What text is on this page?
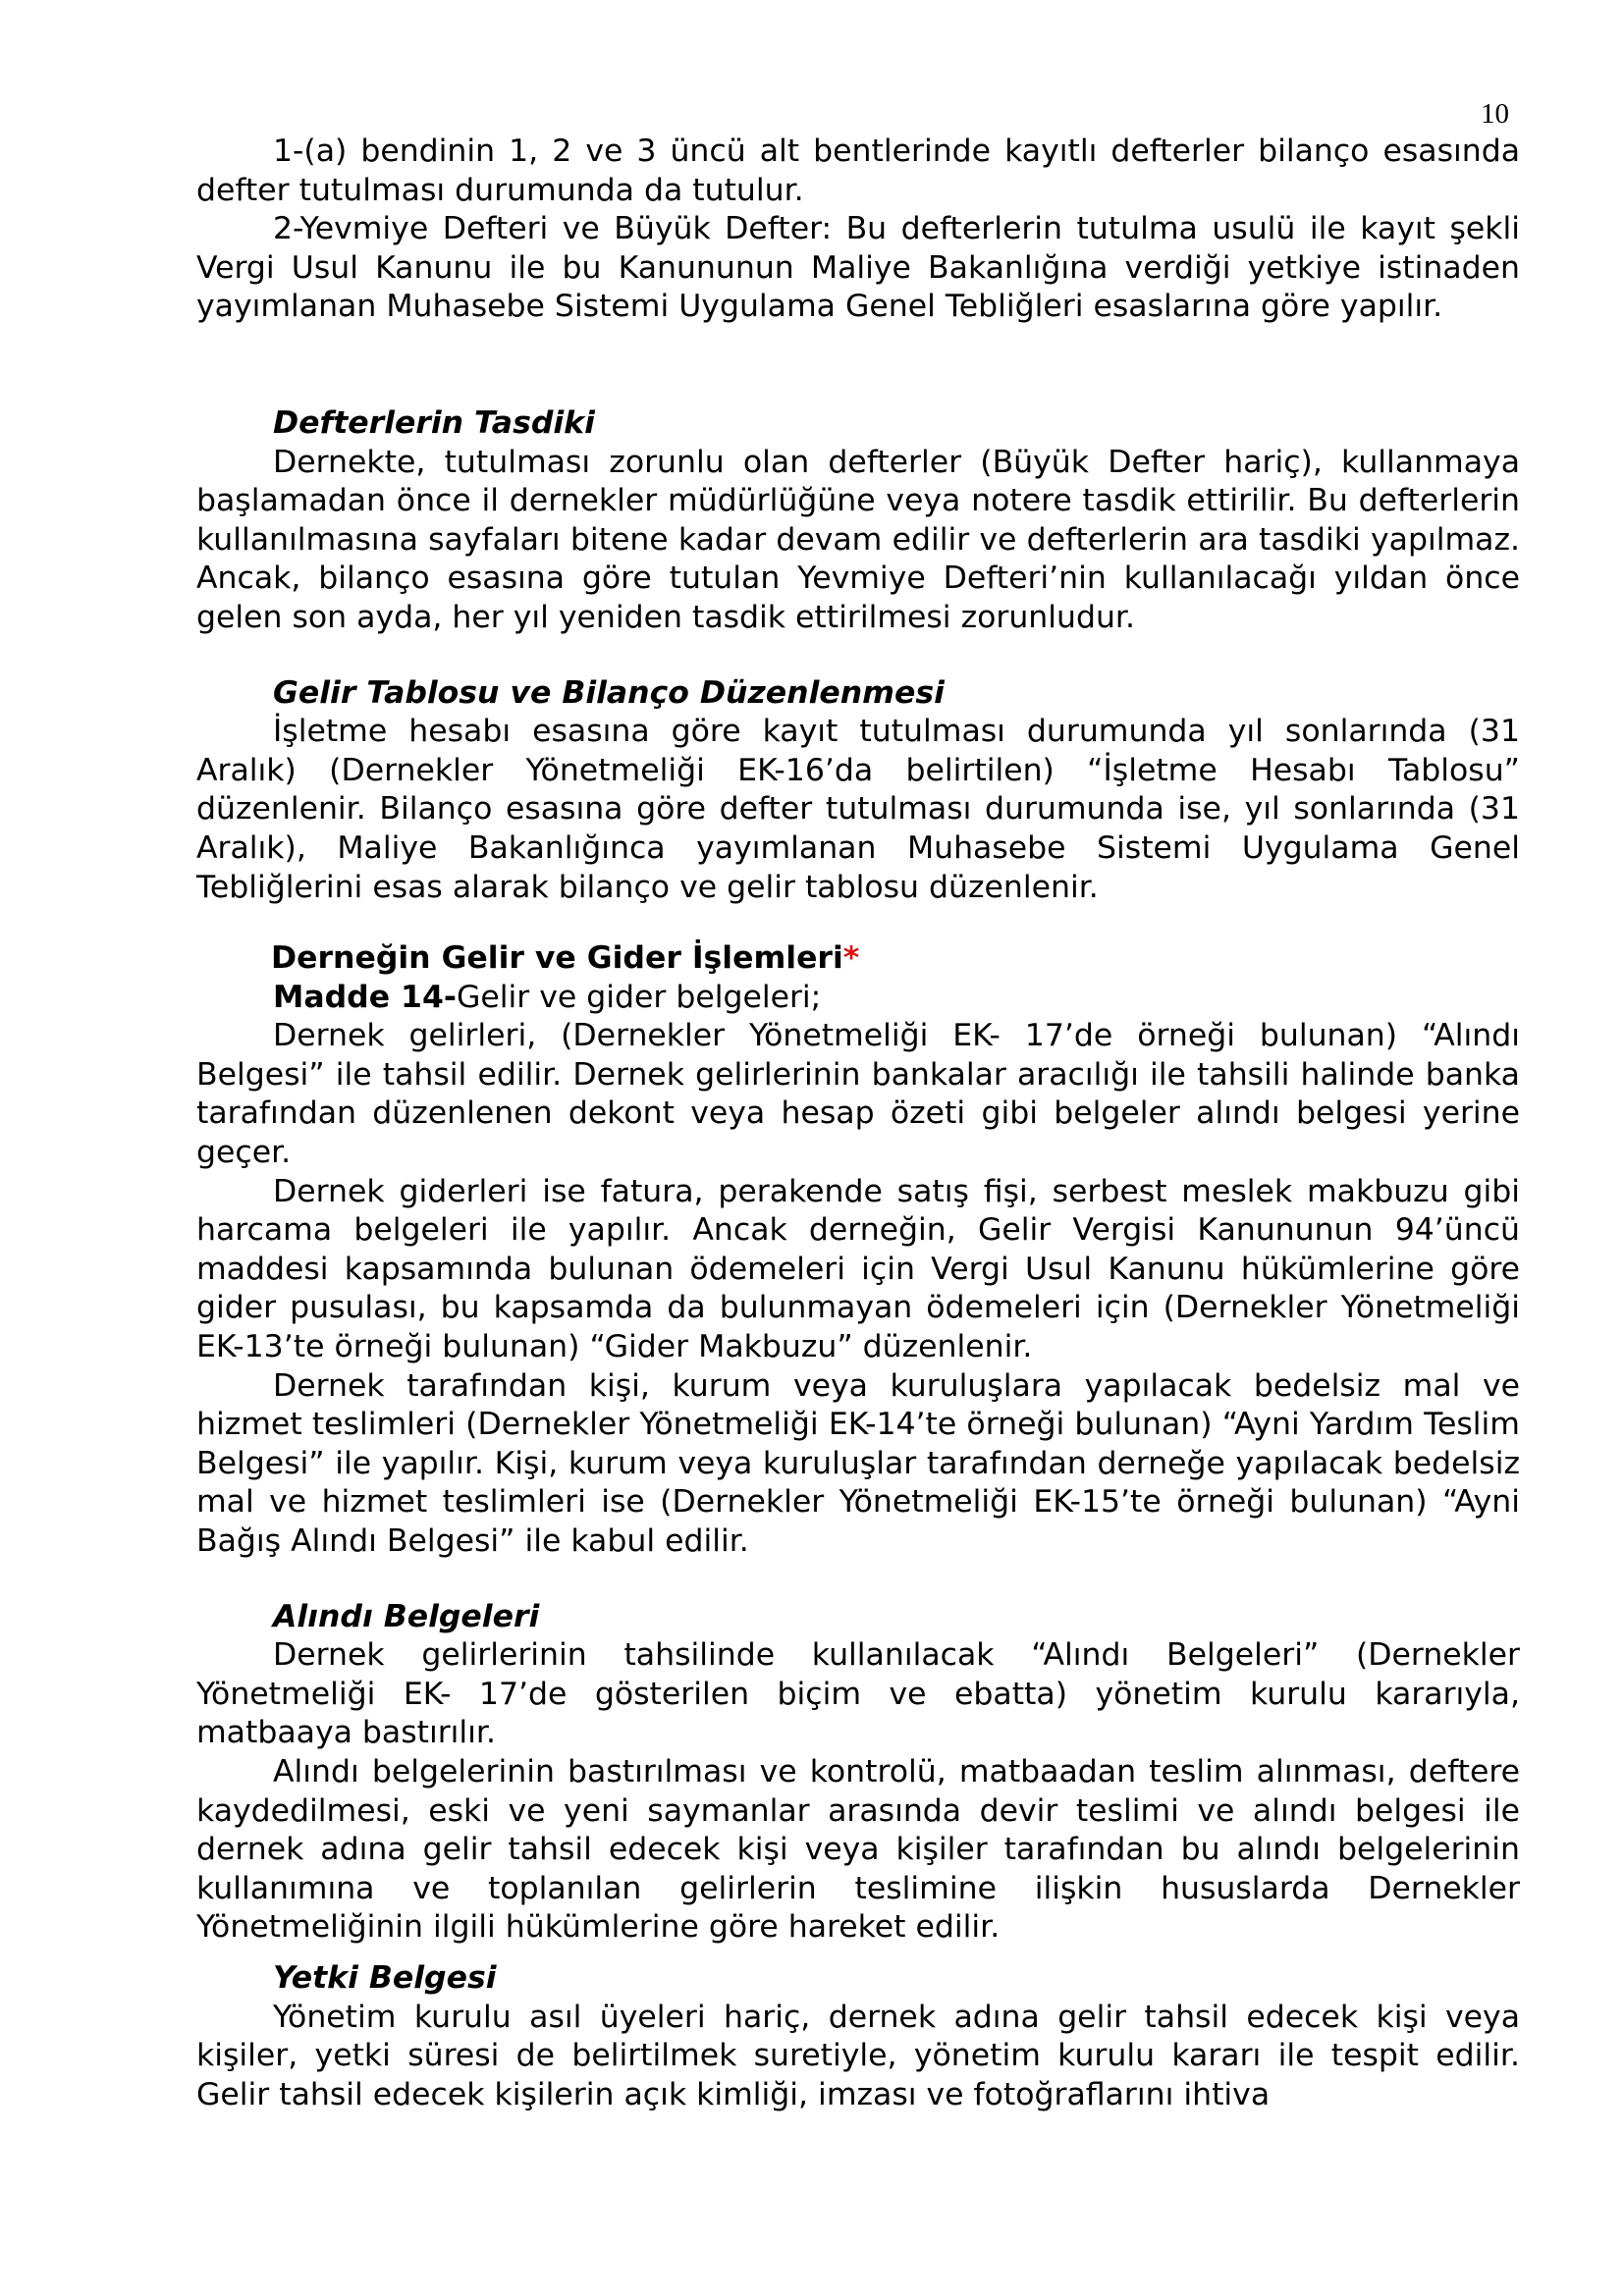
10

1-(a) bendinin 1, 2 ve 3 üncü alt bentlerinde kayıtlı defterler bilanço esasında defter tutulması durumunda da tutulur.

2-Yevmiye Defteri ve Büyük Defter: Bu defterlerin tutulma usulü ile kayıt şekli Vergi Usul Kanunu ile bu Kanununun Maliye Bakanlığına verdiği yetkiye istinaden yayımlanan Muhasebe Sistemi Uygulama Genel Tebliğleri esaslarına göre yapılır.

Defterlerin Tasdiki

Dernekte, tutulması zorunlu olan defterler (Büyük Defter hariç), kullanmaya başlamadan önce il dernekler müdürlüğüne veya notere tasdik ettirilir. Bu defterlerin kullanılmasına sayfaları bitene kadar devam edilir ve defterlerin ara tasdiki yapılmaz. Ancak, bilanço esasına göre tutulan Yevmiye Defteri’nin kullanılacağı yıldan önce gelen son ayda, her yıl yeniden tasdik ettirilmesi zorunludur.

Gelir Tablosu ve Bilanço Düzenlenmesi

İşletme hesabı esasına göre kayıt tutulması durumunda yıl sonlarında (31 Aralık) (Dernekler Yönetmeliği EK-16’da belirtilen) “İşletme Hesabı Tablosu” düzenlenir. Bilanço esasına göre defter tutulması durumunda ise, yıl sonlarında (31 Aralık), Maliye Bakanlığınca yayımlanan Muhasebe Sistemi Uygulama Genel Tebliğlerini esas alarak bilanço ve gelir tablosu düzenlenir.

Derneğin Gelir ve Gider İşlemleri*

Madde 14-Gelir ve gider belgeleri;

Dernek gelirleri, (Dernekler Yönetmeliği EK- 17’de örneği bulunan) “Alındı Belgesi” ile tahsil edilir. Dernek gelirlerinin bankalar aracılığı ile tahsili halinde banka tarafından düzenlenen dekont veya hesap özeti gibi belgeler alındı belgesi yerine geçer.

Dernek giderleri ise fatura, perakende satış fişi, serbest meslek makbuzu gibi harcama belgeleri ile yapılır. Ancak derneğin, Gelir Vergisi Kanununun 94’üncü maddesi kapsamında bulunan ödemeleri için Vergi Usul Kanunu hükümlerine göre gider pusulası, bu kapsamda da bulunmayan ödemeleri için (Dernekler Yönetmeliği EK-13’te örneği bulunan) “Gider Makbuzu” düzenlenir.

Dernek tarafından kişi, kurum veya kuruluşlara yapılacak bedelsiz mal ve hizmet teslimleri (Dernekler Yönetmeliği EK-14’te örneği bulunan) “Ayni Yardım Teslim Belgesi” ile yapılır. Kişi, kurum veya kuruluşlar tarafından derneğe yapılacak bedelsiz mal ve hizmet teslimleri ise (Dernekler Yönetmeliği EK-15’te örneği bulunan) “Ayni Bağış Alındı Belgesi” ile kabul edilir.

Alındı Belgeleri

Dernek gelirlerinin tahsilinde kullanılacak “Alındı Belgeleri” (Dernekler Yönetmeliği EK- 17’de gösterilen biçim ve ebatta) yönetim kurulu kararıyla, matbaaya bastırılır.

Alındı belgelerinin bastırılması ve kontrolü, matbaadan teslim alınması, deftere kaydedilmesi, eski ve yeni saymanlar arasında devir teslimi ve alındı belgesi ile dernek adına gelir tahsil edecek kişi veya kişiler tarafından bu alındı belgelerinin kullanımına ve toplanılan gelirlerin teslimine ilişkin hususlarda Dernekler Yönetmeliğinin ilgili hükümlerine göre hareket edilir.

Yetki Belgesi

Yönetim kurulu asıl üyeleri hariç, dernek adına gelir tahsil edecek kişi veya kişiler, yetki süresi de belirtilmek suretiyle, yönetim kurulu kararı ile tespit edilir. Gelir tahsil edecek kişilerin açık kimliği, imzası ve fotoğraflarını ihtiva
